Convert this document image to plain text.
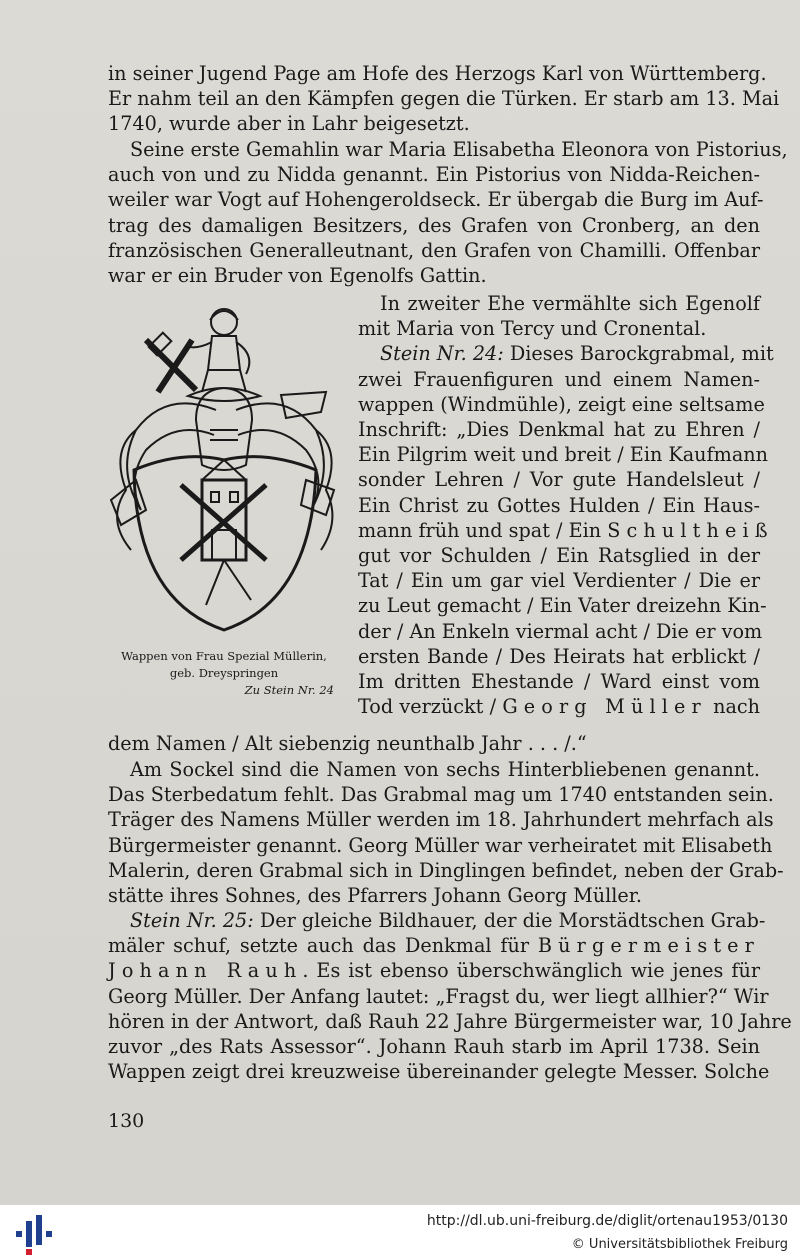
in seiner Jugend Page am Hofe des Herzogs Karl von Württemberg.
Er nahm teil an den Kämpfen gegen die Türken. Er starb am 13. Mai
1740, wurde aber in Lahr beigesetzt.
Seine erste Gemahlin war Maria Elisabetha Eleonora von Pistorius,
auch von und zu Nidda genannt. Ein Pistorius von Nidda-Reichen-
weiler war Vogt auf Hohengeroldseck. Er übergab die Burg im Auf-
trag des damaligen Besitzers, des Grafen von Cronberg, an den
französischen Generalleutnant, den Grafen von Chamilli. Offenbar
war er ein Bruder von Egenolfs Gattin.
Wappen von Frau Spezial Müllerin,
geb. Dreyspringen
Zu Stein Nr. 24
In zweiter Ehe vermählte sich Egenolf
mit Maria von Tercy und Cronental.
Stein Nr. 24: Dieses Barockgrabmal, mit
zwei Frauenfiguren und einem Namen-
wappen (Windmühle), zeigt eine seltsame
Inschrift: „Dies Denkmal hat zu Ehren /
Ein Pilgrim weit und breit / Ein Kaufmann
sonder Lehren / Vor gute Handelsleut /
Ein Christ zu Gottes Hulden / Ein Haus-
mann früh und spat / Ein Schultheiß
gut vor Schulden / Ein Ratsglied in der
Tat / Ein um gar viel Verdienter / Die er
zu Leut gemacht / Ein Vater dreizehn Kin-
der / An Enkeln viermal acht / Die er vom
ersten Bande / Des Heirats hat erblickt /
Im dritten Ehestande / Ward einst vom
Tod verzückt / Georg Müller nach
dem Namen / Alt siebenzig neunthalb Jahr . . . /.“
Am Sockel sind die Namen von sechs Hinterbliebenen genannt.
Das Sterbedatum fehlt. Das Grabmal mag um 1740 entstanden sein.
Träger des Namens Müller werden im 18. Jahrhundert mehrfach als
Bürgermeister genannt. Georg Müller war verheiratet mit Elisabeth
Malerin, deren Grabmal sich in Dinglingen befindet, neben der Grab-
stätte ihres Sohnes, des Pfarrers Johann Georg Müller.
Stein Nr. 25: Der gleiche Bildhauer, der die Morstädtschen Grab-
mäler schuf, setzte auch das Denkmal für Bürgermeister
Johann Rauh. Es ist ebenso überschwänglich wie jenes für
Georg Müller. Der Anfang lautet: „Fragst du, wer liegt allhier?“ Wir
hören in der Antwort, daß Rauh 22 Jahre Bürgermeister war, 10 Jahre
zuvor „des Rats Assessor“. Johann Rauh starb im April 1738. Sein
Wappen zeigt drei kreuzweise übereinander gelegte Messer. Solche
130
http://dl.ub.uni-freiburg.de/diglit/ortenau1953/0130
© Universitätsbibliothek Freiburg
